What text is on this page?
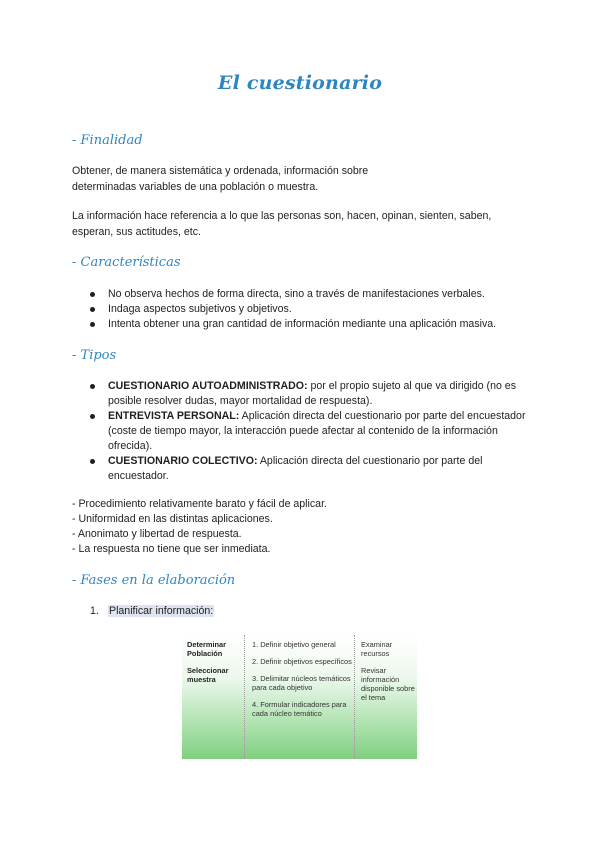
El cuestionario
- Finalidad
Obtener, de manera sistemática y ordenada, información sobre
determinadas variables de una población o muestra.
La información hace referencia a lo que las personas son, hacen, opinan, sienten, saben,
esperan, sus actitudes, etc.
- Características
No observa hechos de forma directa, sino a través de manifestaciones verbales.
Indaga aspectos subjetivos y objetivos.
Intenta obtener una gran cantidad de información mediante una aplicación masiva.
- Tipos
CUESTIONARIO AUTOADMINISTRADO: por el propio sujeto al que va dirigido (no es posible resolver dudas, mayor mortalidad de respuesta).
ENTREVISTA PERSONAL: Aplicación directa del cuestionario por parte del encuestador (coste de tiempo mayor, la interacción puede afectar al contenido de la información ofrecida).
CUESTIONARIO COLECTIVO: Aplicación directa del cuestionario por parte del encuestador.
- Procedimiento relativamente barato y fácil de aplicar.
- Uniformidad en las distintas aplicaciones.
- Anonimato y libertad de respuesta.
- La respuesta no tiene que ser inmediata.
- Fases en la elaboración
1. Planificar información:
Determinar Población
Seleccionar muestra
1. Definir objetivo general
2. Definir objetivos específicos
3. Delimitar núcleos temáticos para cada objetivo
4. Formular indicadores para cada núcleo temático
Examinar recursos
Revisar información disponible sobre el tema
